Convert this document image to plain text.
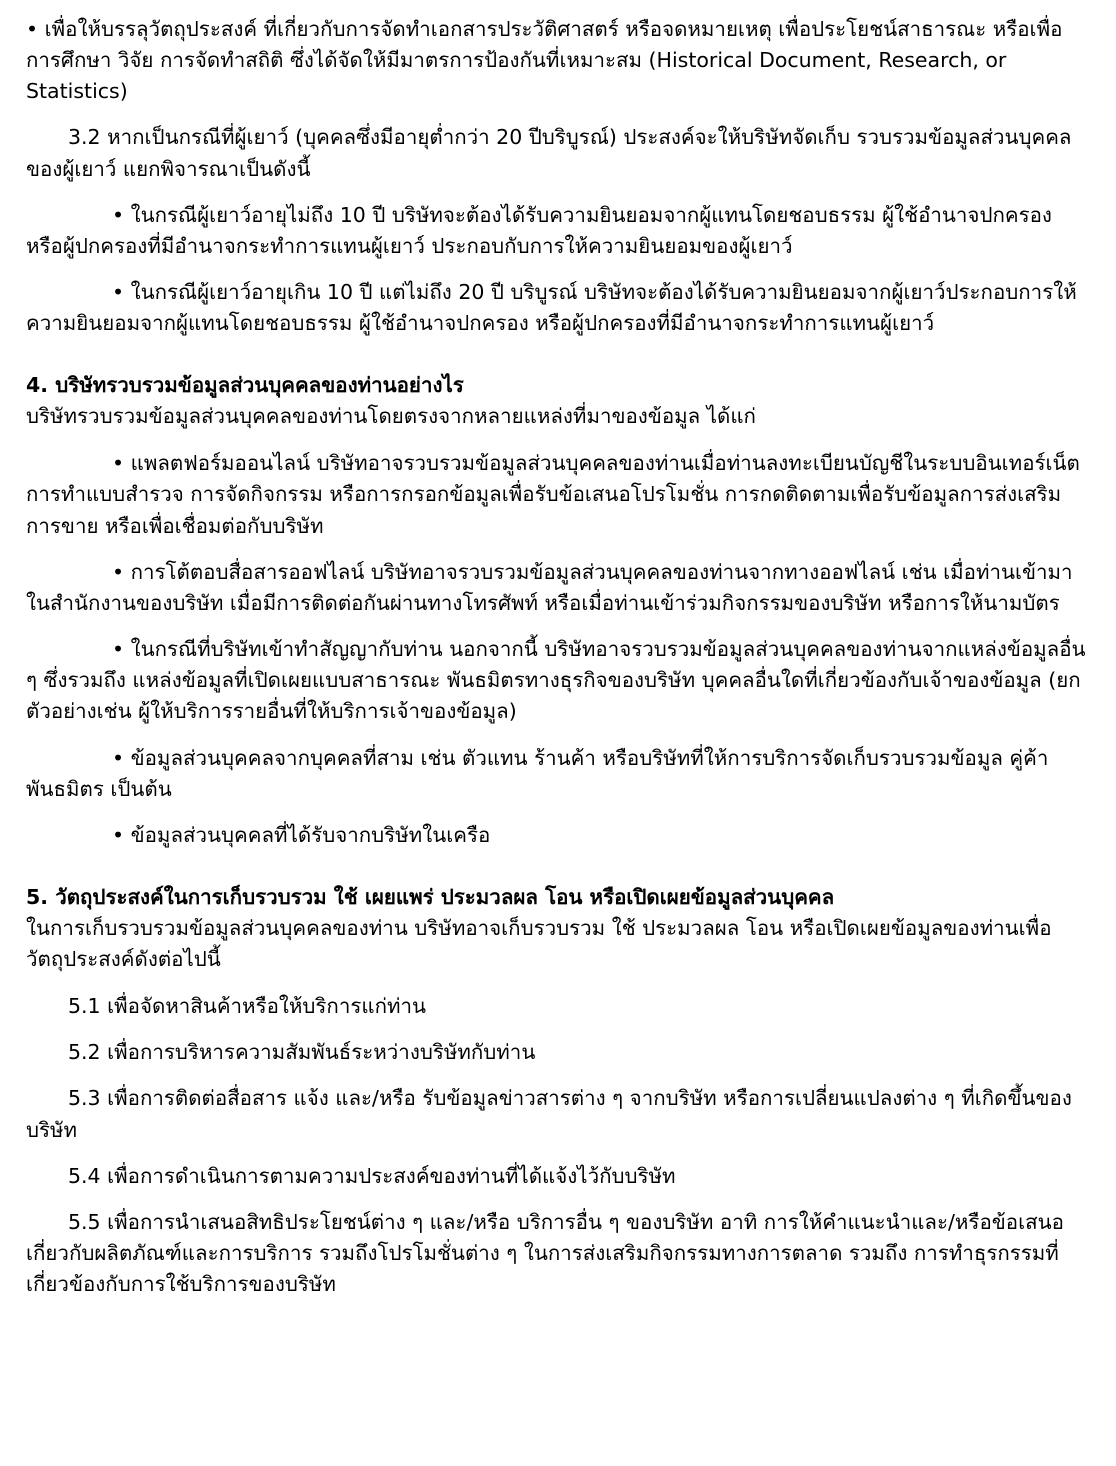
• เพื่อให้บรรลุวัตถุประสงค์ ที่เกี่ยวกับการจัดทำเอกสารประวัติศาสตร์ หรือจดหมายเหตุ เพื่อประโยชน์สาธารณะ หรือเพื่อการศึกษา วิจัย การจัดทำสถิติ ซึ่งได้จัดให้มีมาตรการป้องกันที่เหมาะสม (Historical Document, Research, or Statistics)

3.2 หากเป็นกรณีที่ผู้เยาว์ (บุคคลซึ่งมีอายุต่ำกว่า 20 ปีบริบูรณ์) ประสงค์จะให้บริษัทจัดเก็บ รวบรวมข้อมูลส่วนบุคคลของผู้เยาว์ แยกพิจารณาเป็นดังนี้

• ในกรณีผู้เยาว์อายุไม่ถึง 10 ปี บริษัทจะต้องได้รับความยินยอมจากผู้แทนโดยชอบธรรม ผู้ใช้อำนาจปกครอง หรือผู้ปกครองที่มีอำนาจกระทำการแทนผู้เยาว์ ประกอบกับการให้ความยินยอมของผู้เยาว์

• ในกรณีผู้เยาว์อายุเกิน 10 ปี แต่ไม่ถึง 20 ปี บริบูรณ์ บริษัทจะต้องได้รับความยินยอมจากผู้เยาว์ประกอบการให้ความยินยอมจากผู้แทนโดยชอบธรรม ผู้ใช้อำนาจปกครอง หรือผู้ปกครองที่มีอำนาจกระทำการแทนผู้เยาว์

4. บริษัทรวบรวมข้อมูลส่วนบุคคลของท่านอย่างไร

บริษัทรวบรวมข้อมูลส่วนบุคคลของท่านโดยตรงจากหลายแหล่งที่มาของข้อมูล ได้แก่

• แพลตฟอร์มออนไลน์ บริษัทอาจรวบรวมข้อมูลส่วนบุคคลของท่านเมื่อท่านลงทะเบียนบัญชีในระบบอินเทอร์เน็ต การทำแบบสำรวจ การจัดกิจกรรม หรือการกรอกข้อมูลเพื่อรับข้อเสนอโปรโมชั่น การกดติดตามเพื่อรับข้อมูลการส่งเสริมการขาย หรือเพื่อเชื่อมต่อกับบริษัท

• การโต้ตอบสื่อสารออฟไลน์ บริษัทอาจรวบรวมข้อมูลส่วนบุคคลของท่านจากทางออฟไลน์ เช่น เมื่อท่านเข้ามาในสำนักงานของบริษัท เมื่อมีการติดต่อกันผ่านทางโทรศัพท์ หรือเมื่อท่านเข้าร่วมกิจกรรมของบริษัท หรือการให้นามบัตร

• ในกรณีที่บริษัทเข้าทำสัญญากับท่าน นอกจากนี้ บริษัทอาจรวบรวมข้อมูลส่วนบุคคลของท่านจากแหล่งข้อมูลอื่น ๆ ซึ่งรวมถึง แหล่งข้อมูลที่เปิดเผยแบบสาธารณะ พันธมิตรทางธุรกิจของบริษัท บุคคลอื่นใดที่เกี่ยวข้องกับเจ้าของข้อมูล (ยกตัวอย่างเช่น ผู้ให้บริการรายอื่นที่ให้บริการเจ้าของข้อมูล)

• ข้อมูลส่วนบุคคลจากบุคคลที่สาม เช่น ตัวแทน ร้านค้า หรือบริษัทที่ให้การบริการจัดเก็บรวบรวมข้อมูล คู่ค้า พันธมิตร เป็นต้น

• ข้อมูลส่วนบุคคลที่ได้รับจากบริษัทในเครือ

5. วัตถุประสงค์ในการเก็บรวบรวม ใช้ เผยแพร่ ประมวลผล โอน หรือเปิดเผยข้อมูลส่วนบุคคล

ในการเก็บรวบรวมข้อมูลส่วนบุคคลของท่าน บริษัทอาจเก็บรวบรวม ใช้ ประมวลผล โอน หรือเปิดเผยข้อมูลของท่านเพื่อวัตถุประสงค์ดังต่อไปนี้

5.1 เพื่อจัดหาสินค้าหรือให้บริการแก่ท่าน

5.2 เพื่อการบริหารความสัมพันธ์ระหว่างบริษัทกับท่าน

5.3 เพื่อการติดต่อสื่อสาร แจ้ง และ/หรือ รับข้อมูลข่าวสารต่าง ๆ จากบริษัท หรือการเปลี่ยนแปลงต่าง ๆ ที่เกิดขึ้นของบริษัท

5.4 เพื่อการดำเนินการตามความประสงค์ของท่านที่ได้แจ้งไว้กับบริษัท

5.5 เพื่อการนำเสนอสิทธิประโยชน์ต่าง ๆ และ/หรือ บริการอื่น ๆ ของบริษัท อาทิ การให้คำแนะนำและ/หรือข้อเสนอเกี่ยวกับผลิตภัณฑ์และการบริการ รวมถึงโปรโมชั่นต่าง ๆ ในการส่งเสริมกิจกรรมทางการตลาด รวมถึง การทำธุรกรรมที่เกี่ยวข้องกับการใช้บริการของบริษัท
